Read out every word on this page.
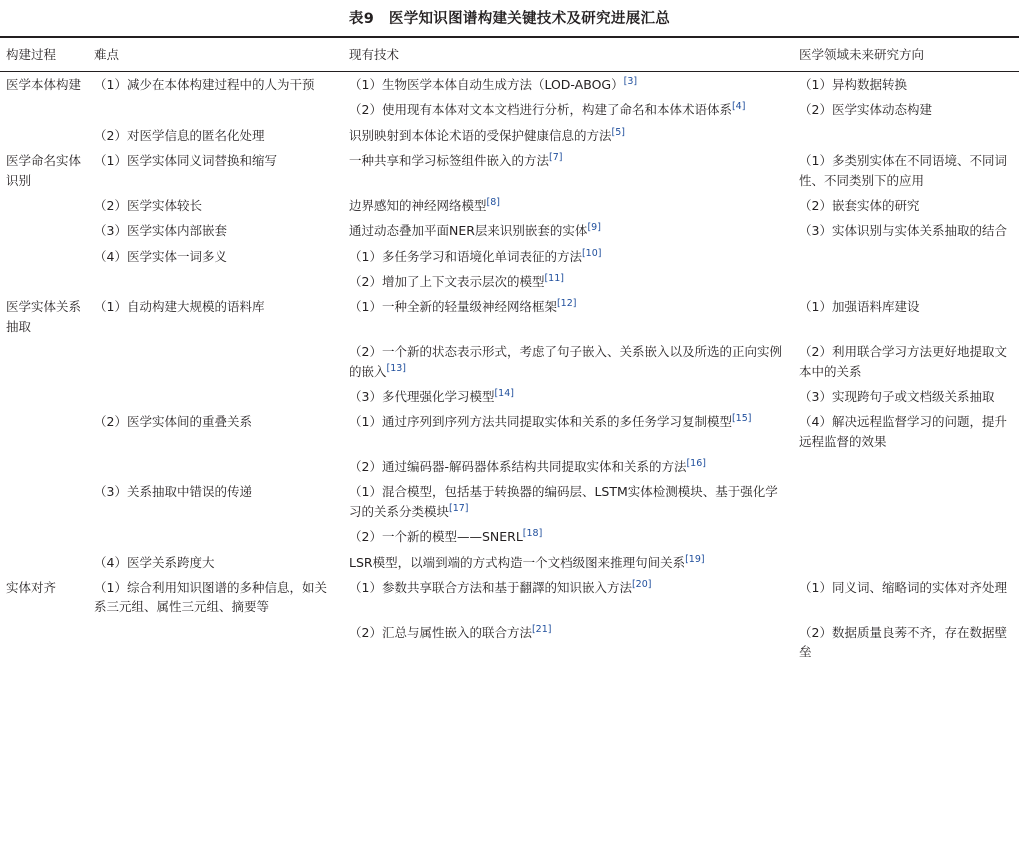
表9　医学知识图谱构建关键技术及研究进展汇总
构建过程	难点	现有技术	医学领域未来研究方向
医学本体构建	（1）减少在本体构建过程中的人为干预	（1）生物医学本体自动生成方法（LOD-ABOG）[3]	（1）异构数据转换
		（2）使用现有本体对文本文档进行分析，构建了命名和本体术语体系[4]	（2）医学实体动态构建
	（2）对医学信息的匿名化处理	识别映射到本体论术语的受保护健康信息的方法[5]	
医学命名实体识别	（1）医学实体同义词替换和缩写	一种共享和学习标签组件嵌入的方法[7]	（1）多类别实体在不同语境、不同词性、不同类别下的应用
	（2）医学实体较长	边界感知的神经网络模型[8]	（2）嵌套实体的研究
	（3）医学实体内部嵌套	通过动态叠加平面NER层来识别嵌套的实体[9]	（3）实体识别与实体关系抽取的结合
	（4）医学实体一词多义	（1）多任务学习和语境化单词表征的方法[10]	
		（2）增加了上下文表示层次的模型[11]	
医学实体关系抽取	（1）自动构建大规模的语料库	（1）一种全新的轻量级神经网络框架[12]	（1）加强语料库建设
		（2）一个新的状态表示形式，考虑了句子嵌入、关系嵌入以及所选的正向实例的嵌入[13]	（2）利用联合学习方法更好地提取文本中的关系
		（3）多代理强化学习模型[14]	（3）实现跨句子或文档级关系抽取
	（2）医学实体间的重叠关系	（1）通过序列到序列方法共同提取实体和关系的多任务学习复制模型[15]	（4）解决远程监督学习的问题，提升远程监督的效果
		（2）通过编码器-解码器体系结构共同提取实体和关系的方法[16]	
	（3）关系抽取中错误的传递	（1）混合模型，包括基于转换器的编码层、LSTM实体检测模块、基于强化学习的关系分类模块[17]	
		（2）一个新的模型——SNERL[18]	
	（4）医学关系跨度大	LSR模型，以端到端的方式构造一个文档级图来推理句间关系[19]	
实体对齐	（1）综合利用知识图谱的多种信息，如关系三元组、属性三元组、摘要等	（1）参数共享联合方法和基于翻譯的知识嵌入方法[20]	（1）同义词、缩略词的实体对齐处理
		（2）汇总与属性嵌入的联合方法[21]	（2）数据质量良莠不齐，存在数据壁垒
